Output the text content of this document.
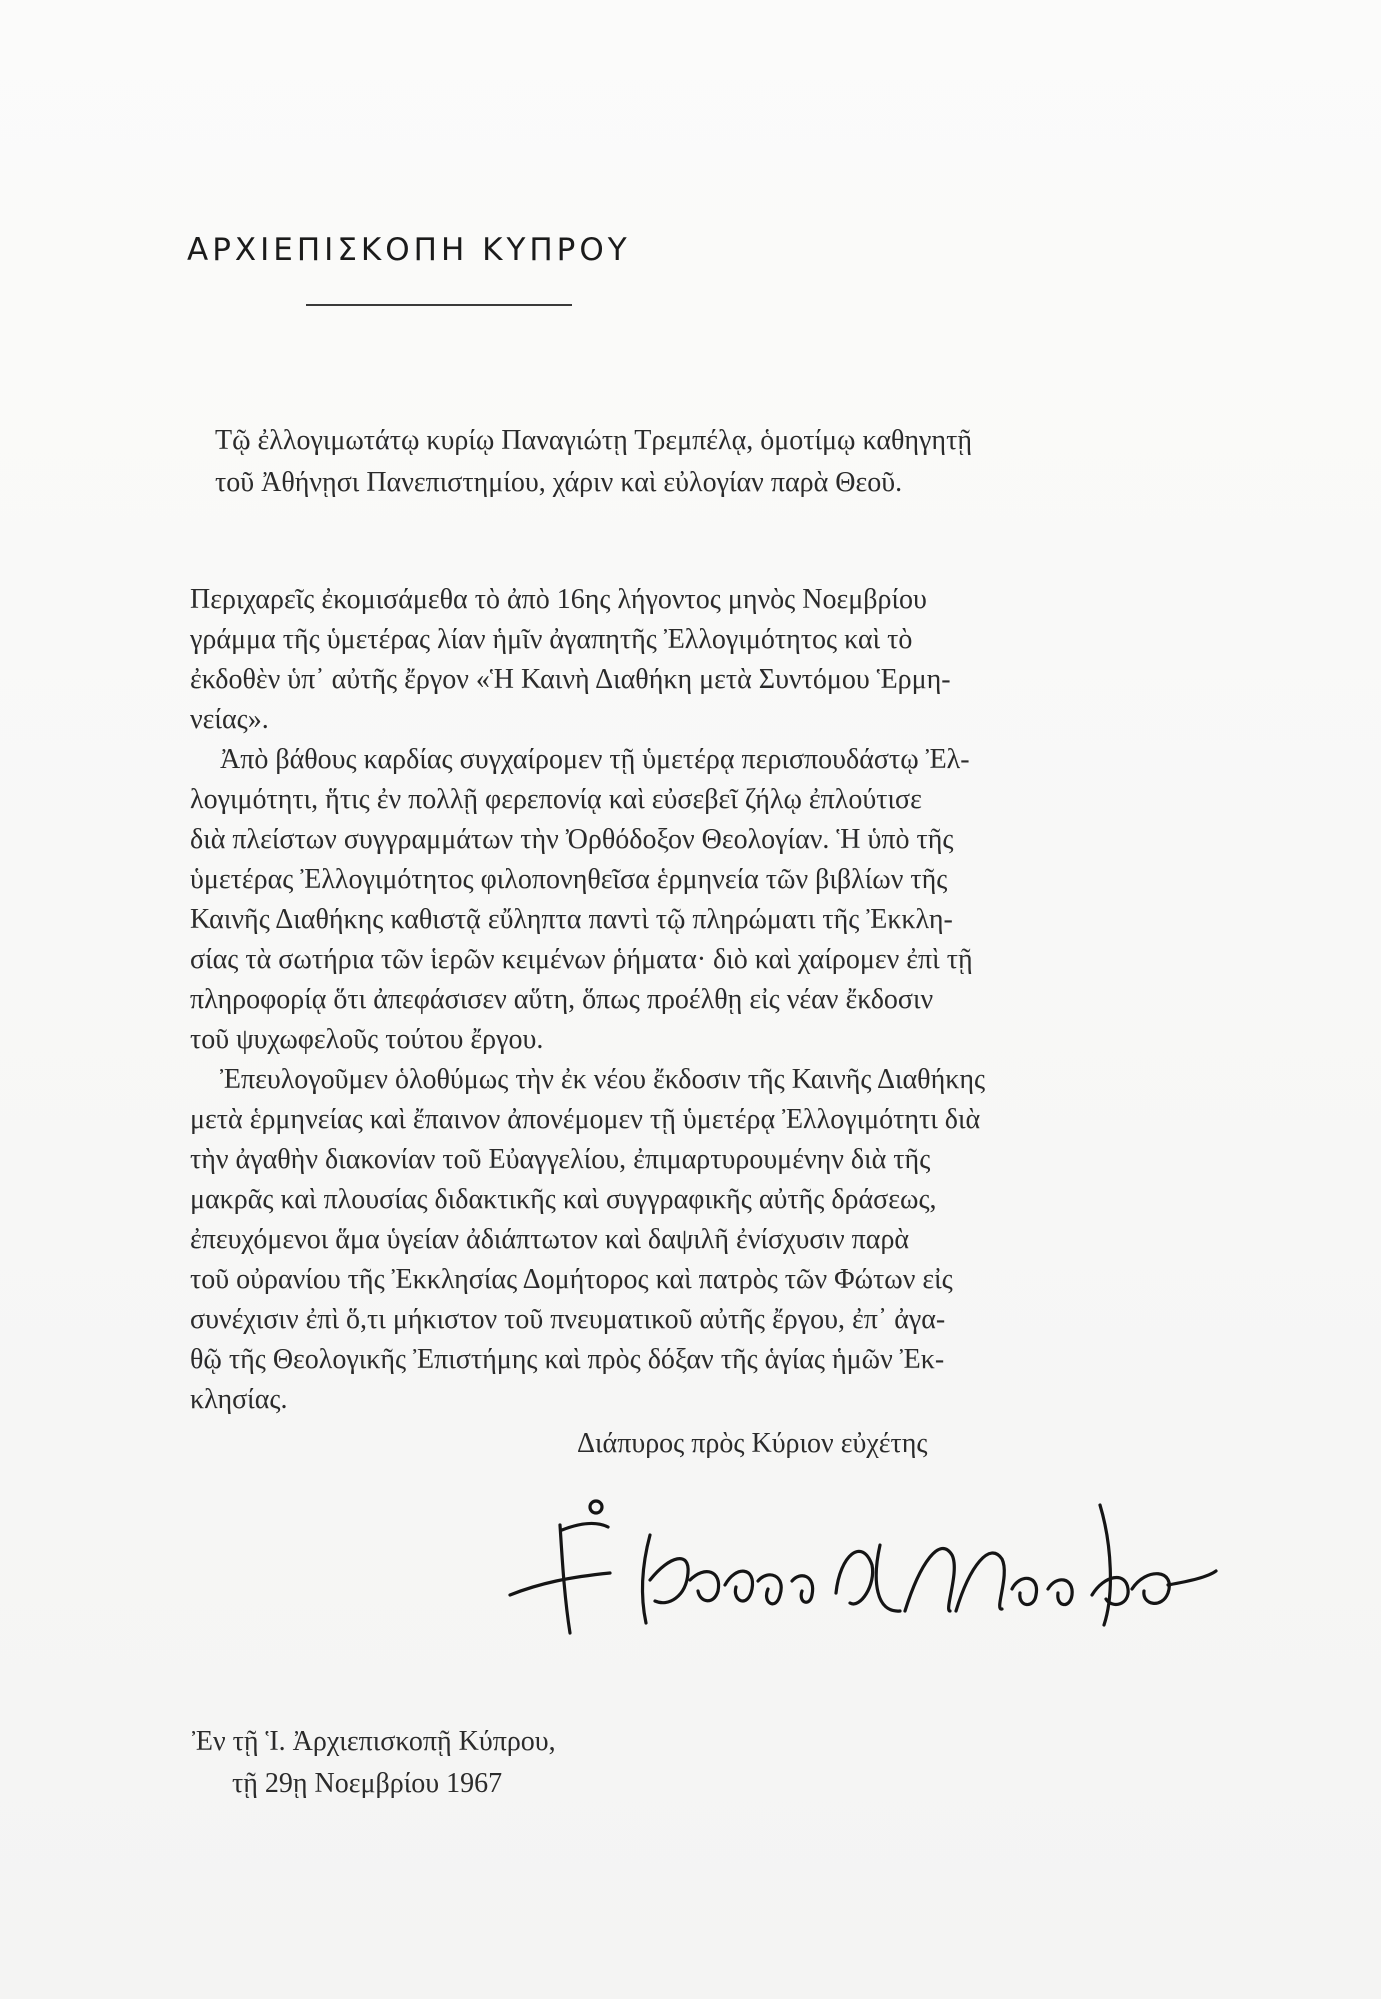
ΑΡΧΙΕΠΙΣΚΟΠΗ ΚΥΠΡΟΥ
Τῷ ἐλλογιμωτάτῳ κυρίῳ Παναγιώτῃ Τρεμπέλᾳ, ὁμοτίμῳ καθηγητῇ
τοῦ Ἀθήνῃσι Πανεπιστημίου, χάριν καὶ εὐλογίαν παρὰ Θεοῦ.
Περιχαρεῖς ἐκομισάμεθα τὸ ἀπὸ 16ης λήγοντος μηνὸς Νοεμβρίου
γράμμα τῆς ὑμετέρας λίαν ἡμῖν ἀγαπητῆς Ἐλλογιμότητος καὶ τὸ
ἐκδοθὲν ὑπ᾽ αὐτῆς ἔργον «Ἡ Καινὴ Διαθήκη μετὰ Συντόμου Ἑρμη-
νείας».
Ἀπὸ βάθους καρδίας συγχαίρομεν τῇ ὑμετέρᾳ περισπουδάστῳ Ἐλ-
λογιμότητι, ἥτις ἐν πολλῇ φερεπονίᾳ καὶ εὐσεβεῖ ζήλῳ ἐπλούτισε
διὰ πλείστων συγγραμμάτων τὴν Ὀρθόδοξον Θεολογίαν. Ἡ ὑπὸ τῆς
ὑμετέρας Ἐλλογιμότητος φιλοπονηθεῖσα ἑρμηνεία τῶν βιβλίων τῆς
Καινῆς Διαθήκης καθιστᾷ εὔληπτα παντὶ τῷ πληρώματι τῆς Ἐκκλη-
σίας τὰ σωτήρια τῶν ἱερῶν κειμένων ῥήματα· διὸ καὶ χαίρομεν ἐπὶ τῇ
πληροφορίᾳ ὅτι ἀπεφάσισεν αὕτη, ὅπως προέλθῃ εἰς νέαν ἔκδοσιν
τοῦ ψυχωφελοῦς τούτου ἔργου.
Ἐπευλογοῦμεν ὁλοθύμως τὴν ἐκ νέου ἔκδοσιν τῆς Καινῆς Διαθήκης
μετὰ ἑρμηνείας καὶ ἔπαινον ἀπονέμομεν τῇ ὑμετέρᾳ Ἐλλογιμότητι διὰ
τὴν ἀγαθὴν διακονίαν τοῦ Εὐαγγελίου, ἐπιμαρτυρουμένην διὰ τῆς
μακρᾶς καὶ πλουσίας διδακτικῆς καὶ συγγραφικῆς αὐτῆς δράσεως,
ἐπευχόμενοι ἅμα ὑγείαν ἀδιάπτωτον καὶ δαψιλῆ ἐνίσχυσιν παρὰ
τοῦ οὐρανίου τῆς Ἐκκλησίας Δομήτορος καὶ πατρὸς τῶν Φώτων εἰς
συνέχισιν ἐπὶ ὅ,τι μήκιστον τοῦ πνευματικοῦ αὐτῆς ἔργου, ἐπ᾽ ἀγα-
θῷ τῆς Θεολογικῆς Ἐπιστήμης καὶ πρὸς δόξαν τῆς ἁγίας ἡμῶν Ἐκ-
κλησίας.
Διάπυρος πρὸς Κύριον εὐχέτης
Ἐν τῇ Ἱ. Ἀρχιεπισκοπῇ Κύπρου,
τῇ 29ῃ Νοεμβρίου 1967
